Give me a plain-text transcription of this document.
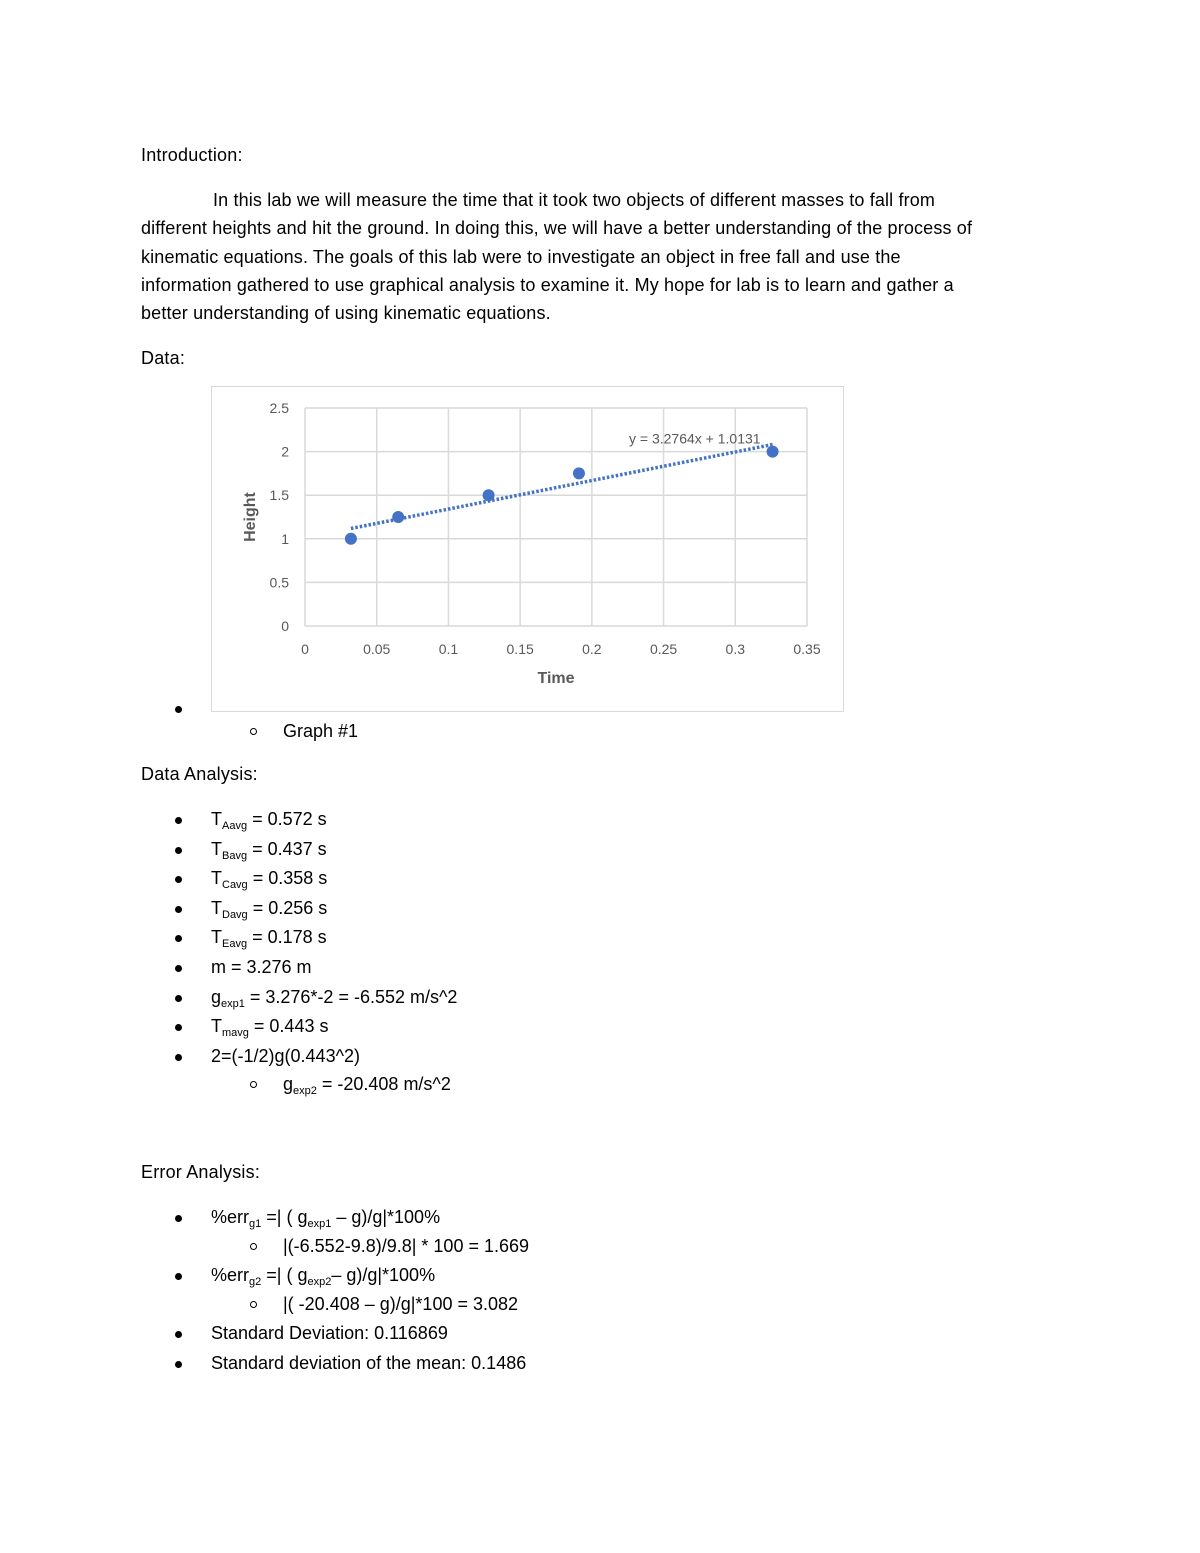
Introduction:
In this lab we will measure the time that it took two objects of different masses to fall from
different heights and hit the ground. In doing this, we will have a better understanding of the process of
kinematic equations. The goals of this lab were to investigate an object in free fall and use the
information gathered to use graphical analysis to examine it. My hope for lab is to learn and gather a
better understanding of using kinematic equations.
Data:
0	0.05	0.1	0.15	0.2	0.25	0.3	0.35
0
0.5
1
1.5
2
2.5
Time
Height
y = 3.2764x + 1.0131
Graph #1
Data Analysis:
$T_{Aavg} = 0.572$ s
$T_{Bavg} = 0.437$ s
$T_{Cavg} = 0.358$ s
$T_{Davg} = 0.256$ s
$T_{Eavg} = 0.178$ s
m = 3.276 m
$g_{exp1} = 3.276*-2 = -6.552$ m/s^2
$T_{mavg} = 0.443$ s
2=(-1/2)g(0.443^2)
$g_{exp2} = -20.408$ m/s^2
Error Analysis:
%err$_{g1}$ =| ( $g_{exp1} - g)/g|*100\%$
|(-6.552-9.8)/9.8| * 100 = 1.669
%err$_{g2}$ =| ( $g_{exp2}-$ g)/g|*100%
|( -20.408 – g)/g|*100 = 3.082
Standard Deviation: 0.116869
Standard deviation of the mean: 0.1486
